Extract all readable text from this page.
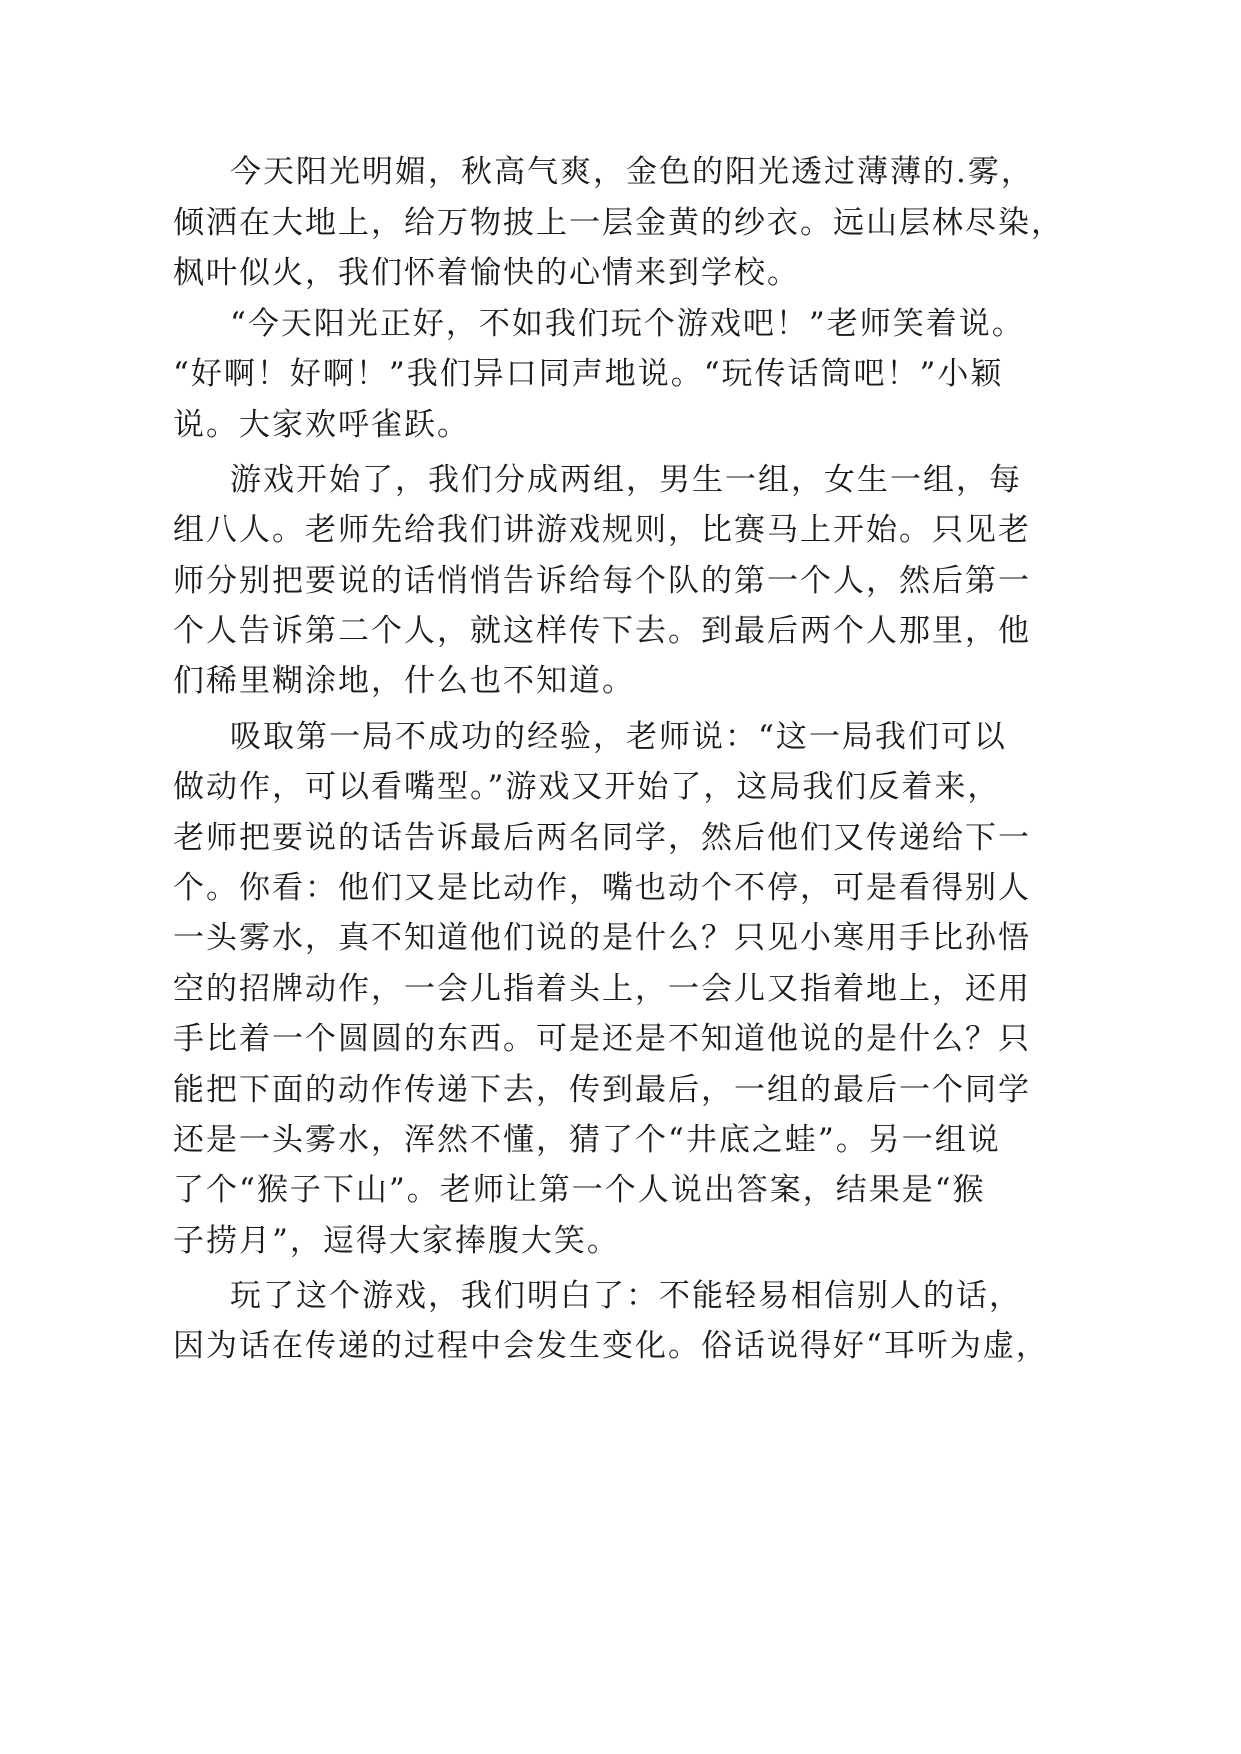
今天阳光明媚，秋高气爽，金色的阳光透过薄薄的.雾，

倾洒在大地上，给万物披上一层金黄的纱衣。远山层林尽染，

枫叶似火，我们怀着愉快的心情来到学校。

“今天阳光正好，不如我们玩个游戏吧！”老师笑着说。

“好啊！好啊！”我们异口同声地说。“玩传话筒吧！”小颖

说。大家欢呼雀跃。

游戏开始了，我们分成两组，男生一组，女生一组，每

组八人。老师先给我们讲游戏规则，比赛马上开始。只见老

师分别把要说的话悄悄告诉给每个队的第一个人，然后第一

个人告诉第二个人，就这样传下去。到最后两个人那里，他

们稀里糊涂地，什么也不知道。

吸取第一局不成功的经验，老师说：“这一局我们可以

做动作，可以看嘴型。”游戏又开始了，这局我们反着来，

老师把要说的话告诉最后两名同学，然后他们又传递给下一

个。你看：他们又是比动作，嘴也动个不停，可是看得别人

一头雾水，真不知道他们说的是什么？只见小寒用手比孙悟

空的招牌动作，一会儿指着头上，一会儿又指着地上，还用

手比着一个圆圆的东西。可是还是不知道他说的是什么？只

能把下面的动作传递下去，传到最后，一组的最后一个同学

还是一头雾水，浑然不懂，猜了个“井底之蛙”。另一组说

了个“猴子下山”。老师让第一个人说出答案，结果是“猴

子捞月”，逗得大家捧腹大笑。

玩了这个游戏，我们明白了：不能轻易相信别人的话，

因为话在传递的过程中会发生变化。俗话说得好“耳听为虚，
